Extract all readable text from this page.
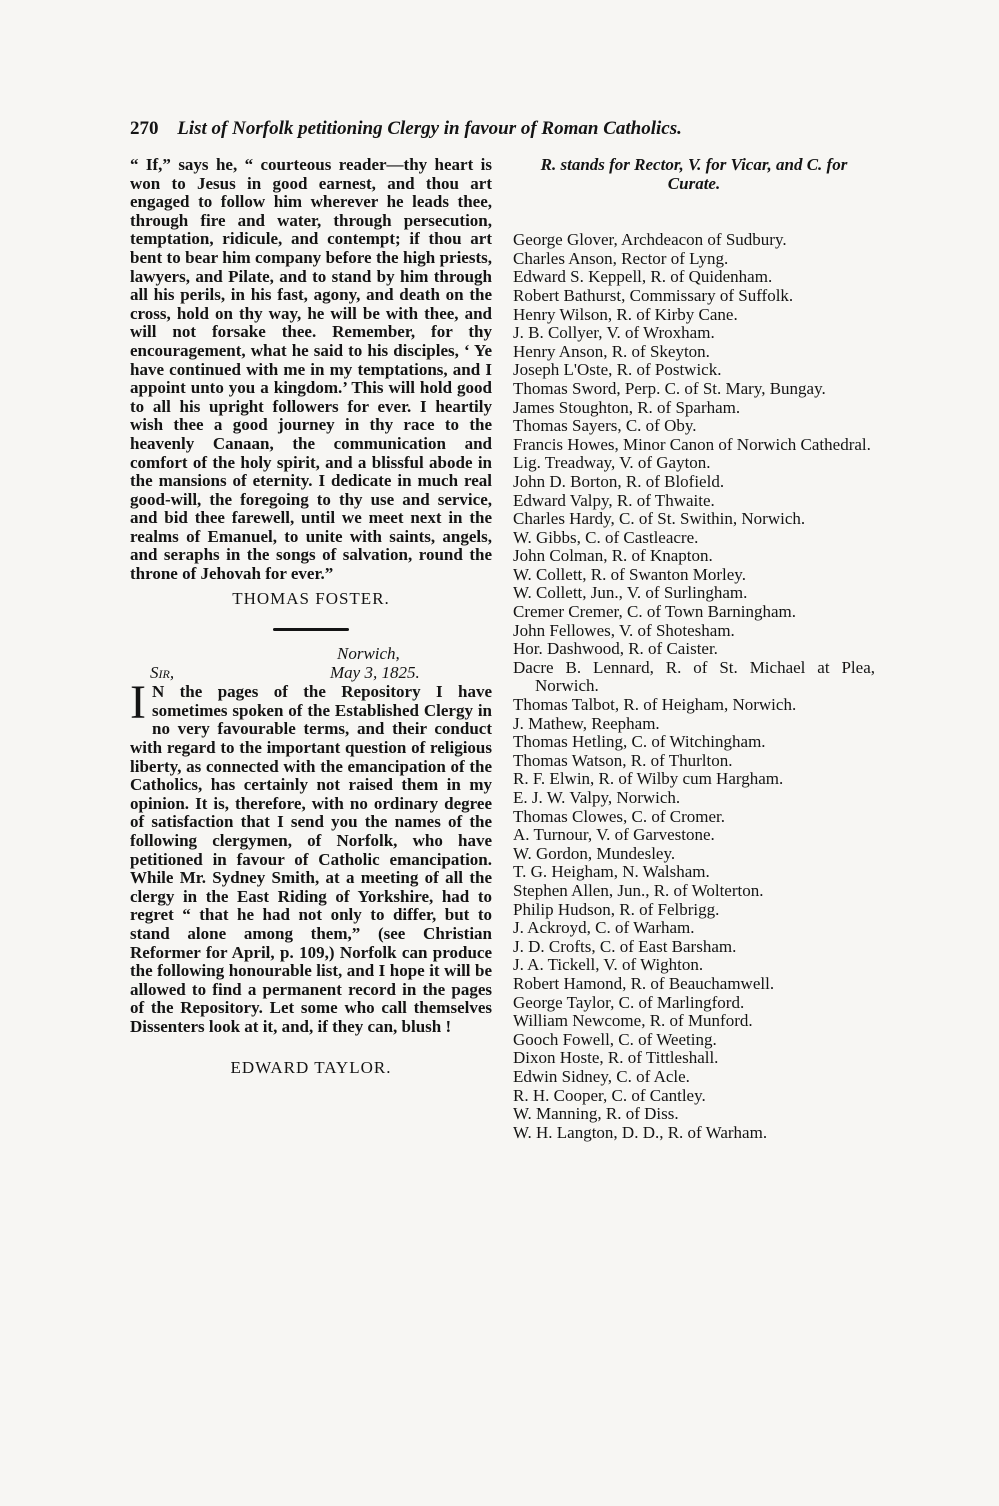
270 List of Norfolk petitioning Clergy in favour of Roman Catholics.

“ If,” says he, “ courteous reader—thy heart is won to Jesus in good earnest, and thou art engaged to follow him wherever he leads thee, through fire and water, through persecution, temptation, ridicule, and contempt; if thou art bent to bear him company before the high priests, lawyers, and Pilate, and to stand by him through all his perils, in his fast, agony, and death on the cross, hold on thy way, he will be with thee, and will not forsake thee. Remember, for thy encouragement, what he said to his disciples, ‘ Ye have continued with me in my temptations, and I appoint unto you a kingdom.’ This will hold good to all his upright followers for ever. I heartily wish thee a good journey in thy race to the heavenly Canaan, the communication and comfort of the holy spirit, and a blissful abode in the mansions of eternity. I dedicate in much real good-will, the foregoing to thy use and service, and bid thee farewell, until we meet next in the realms of Emanuel, to unite with saints, angels, and seraphs in the songs of salvation, round the throne of Jehovah for ever.”

THOMAS FOSTER.
Norwich,
Sir,	May 3, 1825.

I N the pages of the Repository I have sometimes spoken of the Established Clergy in no very favourable terms, and their conduct with regard to the important question of religious liberty, as connected with the emancipation of the Catholics, has certainly not raised them in my opinion. It is, therefore, with no ordinary degree of satisfaction that I send you the names of the following clergymen, of Norfolk, who have petitioned in favour of Catholic emancipation. While Mr. Sydney Smith, at a meeting of all the clergy in the East Riding of Yorkshire, had to regret “ that he had not only to differ, but to stand alone among them,” (see Christian Reformer for April, p. 109,) Norfolk can produce the following honourable list, and I hope it will be allowed to find a permanent record in the pages of the Repository. Let some who call themselves Dissenters look at it, and, if they can, blush !

EDWARD TAYLOR.
R. stands for Rector, V. for Vicar, and C. for Curate.
George Glover, Archdeacon of Sudbury.
Charles Anson, Rector of Lyng.
Edward S. Keppell, R. of Quidenham.
Robert Bathurst, Commissary of Suffolk.
Henry Wilson, R. of Kirby Cane.
J. B. Collyer, V. of Wroxham.
Henry Anson, R. of Skeyton.
Joseph L'Oste, R. of Postwick.
Thomas Sword, Perp. C. of St. Mary, Bungay.
James Stoughton, R. of Sparham.
Thomas Sayers, C. of Oby.
Francis Howes, Minor Canon of Norwich Cathedral.
Lig. Treadway, V. of Gayton.
John D. Borton, R. of Blofield.
Edward Valpy, R. of Thwaite.
Charles Hardy, C. of St. Swithin, Norwich.
W. Gibbs, C. of Castleacre.
John Colman, R. of Knapton.
W. Collett, R. of Swanton Morley.
W. Collett, Jun., V. of Surlingham.
Cremer Cremer, C. of Town Barningham.
John Fellowes, V. of Shotesham.
Hor. Dashwood, R. of Caister.
Dacre B. Lennard, R. of St. Michael at Plea, Norwich.
Thomas Talbot, R. of Heigham, Norwich.
J. Mathew, Reepham.
Thomas Hetling, C. of Witchingham.
Thomas Watson, R. of Thurlton.
R. F. Elwin, R. of Wilby cum Hargham.
E. J. W. Valpy, Norwich.
Thomas Clowes, C. of Cromer.
A. Turnour, V. of Garvestone.
W. Gordon, Mundesley.
T. G. Heigham, N. Walsham.
Stephen Allen, Jun., R. of Wolterton.
Philip Hudson, R. of Felbrigg.
J. Ackroyd, C. of Warham.
J. D. Crofts, C. of East Barsham.
J. A. Tickell, V. of Wighton.
Robert Hamond, R. of Beauchamwell.
George Taylor, C. of Marlingford.
William Newcome, R. of Munford.
Gooch Fowell, C. of Weeting.
Dixon Hoste, R. of Tittleshall.
Edwin Sidney, C. of Acle.
R. H. Cooper, C. of Cantley.
W. Manning, R. of Diss.
W. H. Langton, D. D., R. of Warham.
